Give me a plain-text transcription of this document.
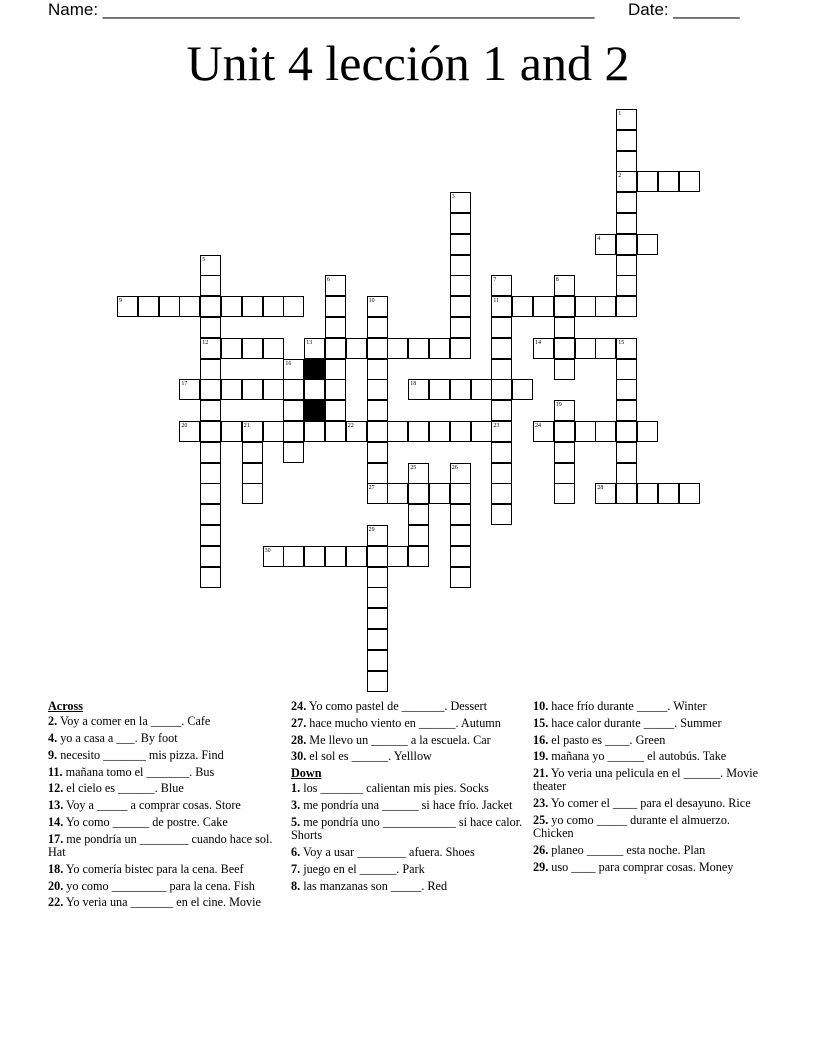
Name: ____________________________________________________ Date: _______
Unit 4 lección 1 and 2
1
2
3
4
5
6	7	8
9	10	11
12	13	14	15
16
17	18
19
20	21	22	23	24
25	26
27	28
29
30
Across
2. Voy a comer en la _____. Cafe
4. yo a casa a ___. By foot
9. necesito _______ mis pizza. Find
11. mañana tomo el _______. Bus
12. el cielo es ______. Blue
13. Voy a _____ a comprar cosas. Store
14. Yo como ______ de postre. Cake
17. me pondría un ________ cuando hace sol. Hat
18. Yo comería bistec para la cena. Beef
20. yo como _________ para la cena. Fish
22. Yo veria una _______ en el cine. Movie
24. Yo como pastel de _______. Dessert
27. hace mucho viento en ______. Autumn
28. Me llevo un ______ a la escuela. Car
30. el sol es ______. Yelllow
Down
1. los _______ calientan mis pies. Socks
3. me pondría una ______ si hace frío. Jacket
5. me pondría uno ____________ si hace calor. Shorts
6. Voy a usar ________ afuera. Shoes
7. juego en el ______. Park
8. las manzanas son _____. Red
10. hace frío durante _____. Winter
15. hace calor durante _____. Summer
16. el pasto es ____. Green
19. mañana yo ______ el autobús. Take
21. Yo veria una pelicula en el ______. Movie theater
23. Yo comer el ____ para el desayuno. Rice
25. yo como _____ durante el almuerzo. Chicken
26. planeo ______ esta noche. Plan
29. uso ____ para comprar cosas. Money
